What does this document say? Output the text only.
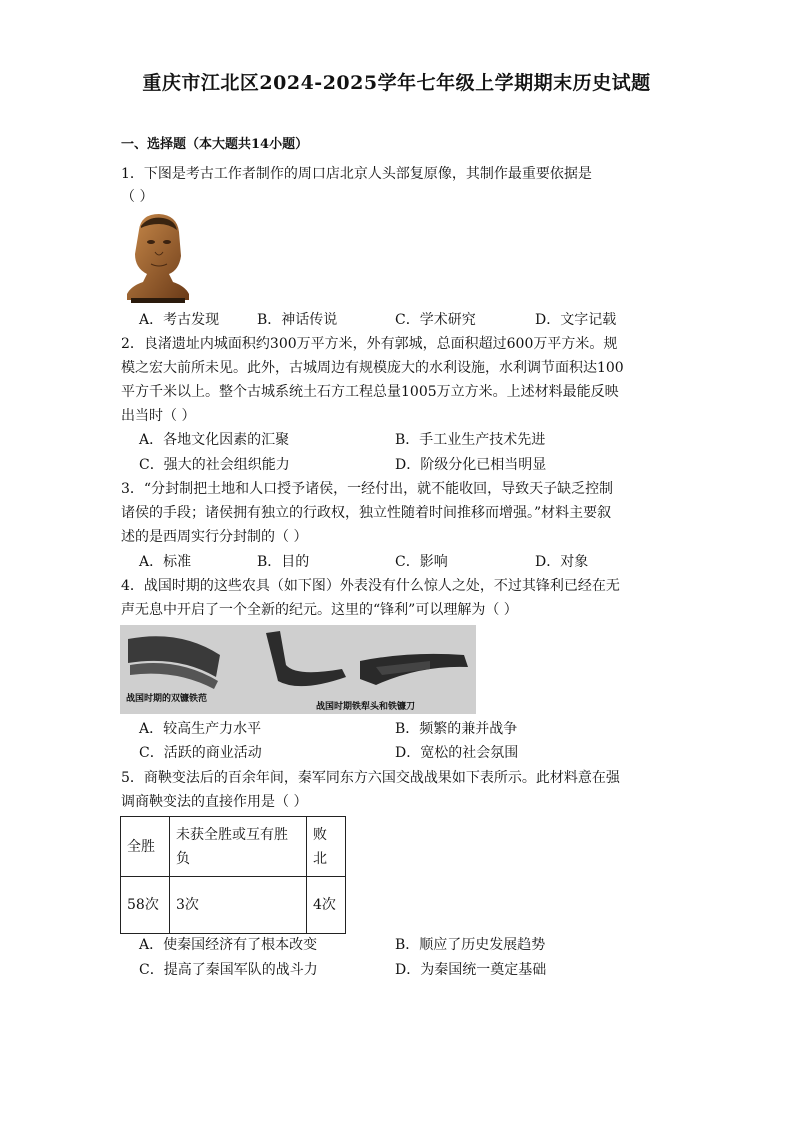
重庆市江北区2024-2025学年七年级上学期期末历史试题
一、选择题（本大题共14小题）
1．下图是考古工作者制作的周口店北京人头部复原像，其制作最重要依据是
（ ）
A．考古发现	B．神话传说	C．学术研究	D．文字记载
2．良渚遗址内城面积约300万平方米，外有郭城，总面积超过600万平方米。规
模之宏大前所未见。此外，古城周边有规模庞大的水利设施，水利调节面积达100
平方千米以上。整个古城系统土石方工程总量1005万立方米。上述材料最能反映
出当时（ ）
A．各地文化因素的汇聚	B．手工业生产技术先进
C．强大的社会组织能力	D．阶级分化已相当明显
3．“分封制把土地和人口授予诸侯，一经付出，就不能收回，导致天子缺乏控制
诸侯的手段；诸侯拥有独立的行政权，独立性随着时间推移而增强。”材料主要叙
述的是西周实行分封制的（ ）
A．标准	B．目的	C．影响	D．对象
4．战国时期的这些农具（如下图）外表没有什么惊人之处，不过其锋利已经在无
声无息中开启了一个全新的纪元。这里的“锋利”可以理解为（ ）
战国时期的双镰铁范
战国时期铁犁头和铁镰刀
A．较高生产力水平	B．频繁的兼并战争
C．活跃的商业活动	D．宽松的社会氛围
5．商鞅变法后的百余年间，秦军同东方六国交战战果如下表所示。此材料意在强
调商鞅变法的直接作用是（ ）
全胜	未获全胜或互有胜负	败北
58次	3次	4次
A．使秦国经济有了根本改变	B．顺应了历史发展趋势
C．提高了秦国军队的战斗力	D．为秦国统一奠定基础
